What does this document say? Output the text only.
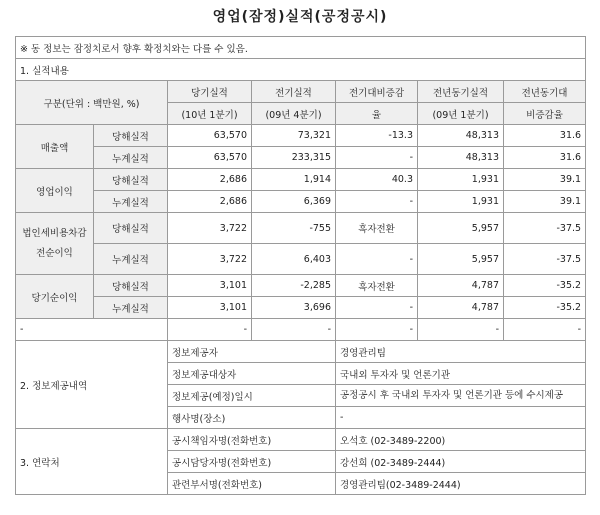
영업(잠정)실적(공정공시)
※ 동 정보는 잠정치로서 향후 확정치와는 다를 수 있음.						
1. 실적내용						
구분(단위 : 백만원, %)		당기실적	전기실적	전기대비증감	전년동기실적	전년동기대
		(10년 1분기)	(09년 4분기)	율	(09년 1분기)	비증감율
매출액	당해실적	63,570	73,321	-13.3	48,313	31.6
	누계실적	63,570	233,315	-	48,313	31.6
영업이익	당해실적	2,686	1,914	40.3	1,931	39.1
	누계실적	2,686	6,369	-	1,931	39.1
법인세비용차감전순이익	당해실적	3,722	-755	흑자전환	5,957	-37.5
	누계실적	3,722	6,403	-	5,957	-37.5
당기순이익	당해실적	3,101	-2,285	흑자전환	4,787	-35.2
	누계실적	3,101	3,696	-	4,787	-35.2
-		-	-	-	-	-
2. 정보제공내역		정보제공자		경영관리팀		
		정보제공대상자		국내외 투자자 및 언론기관		
		정보제공(예정)일시		공정공시 후 국내외 투자자 및 언론기관 등에 수시제공		

		행사명(장소)		-		
3. 연락처		공시책임자명(전화번호)		오석호 (02-3489-2200)		
		공시담당자명(전화번호)		강선희 (02-3489-2444)		
		관련부서명(전화번호)		경영관리팀(02-3489-2444)		
